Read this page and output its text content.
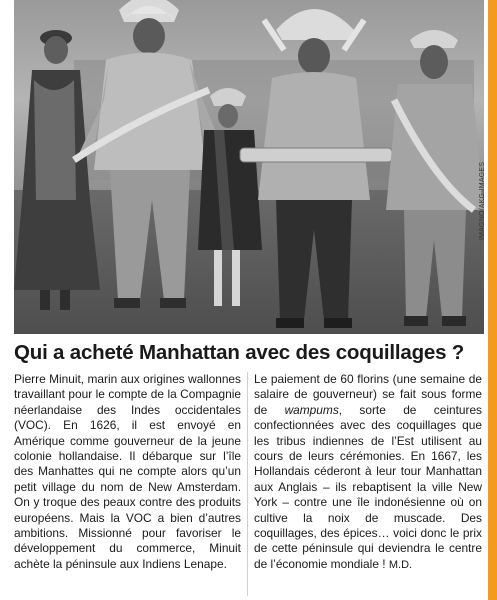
IMAGNO/AKG-IMAGES
Qui a acheté Manhattan avec des coquillages ?

Pierre Minuit, marin aux origines wallonnes travaillant pour le compte de la Compagnie néerlandaise des Indes occidentales (VOC). En 1626, il est envoyé en Amérique comme gouverneur de la jeune colonie hollandaise. Il débarque sur l’île des Manhattes qui ne compte alors qu’un petit village du nom de New Amsterdam. On y troque des peaux contre des produits européens. Mais la VOC a bien d’autres ambitions. Missionné pour favoriser le développement du commerce, Minuit achète la péninsule aux Indiens Lenape.

Le paiement de 60 florins (une semaine de salaire de gouverneur) se fait sous forme de wampums, sorte de ceintures confectionnées avec des coquillages que les tribus indiennes de l’Est utilisent au cours de leurs cérémonies. En 1667, les Hollandais céderont à leur tour Manhattan aux Anglais – ils rebaptisent la ville New York – contre une île indonésienne où on cultive la noix de muscade. Des coquillages, des épices… voici donc le prix de cette péninsule qui deviendra le centre de l’économie mondiale ! M.D.
